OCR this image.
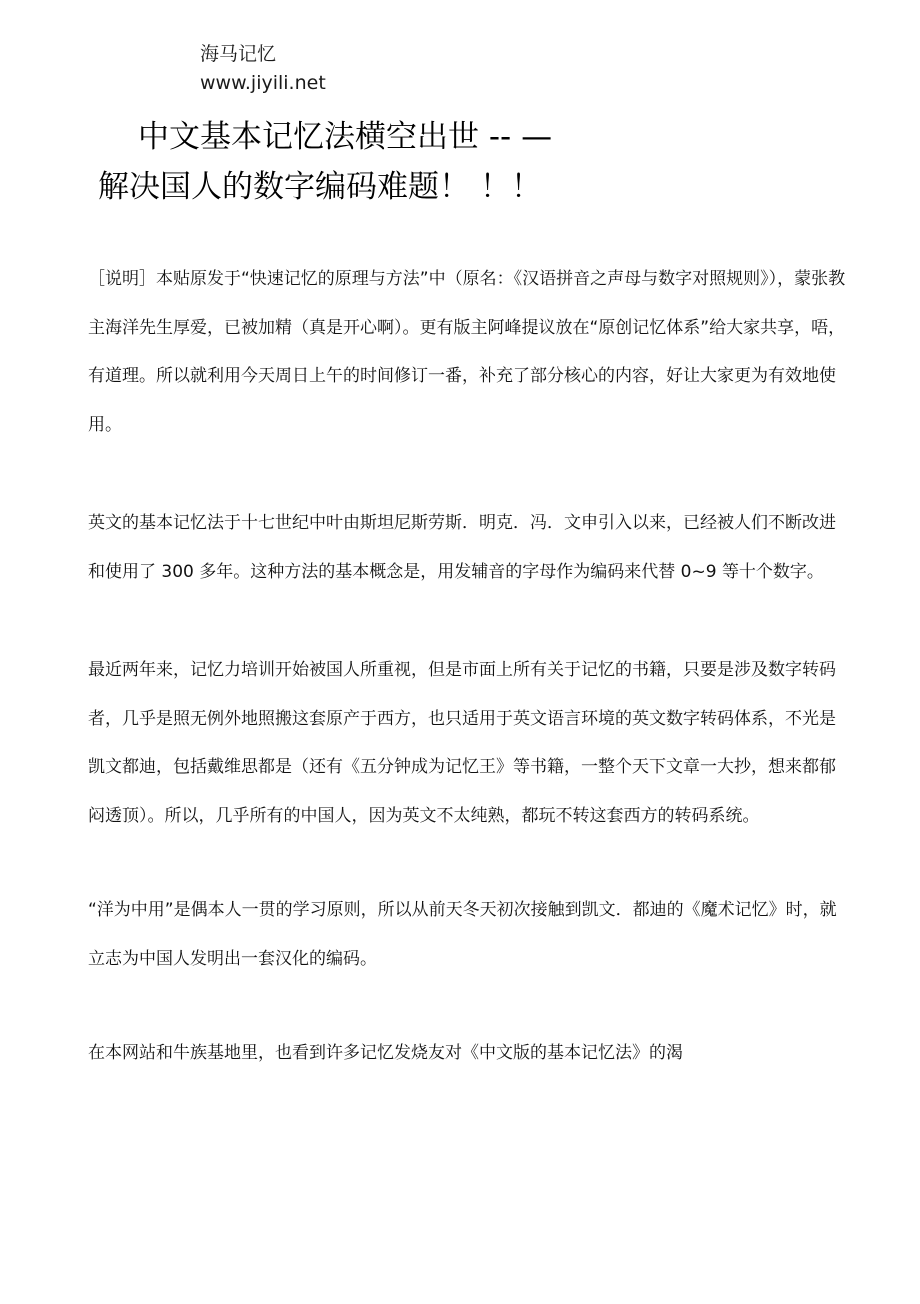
海马记忆 www.jiyili.net
中文基本记忆法横空出世 -- —
解决国人的数字编码难题！ ！！

［说明］本贴原发于“快速记忆的原理与方法”中（原名：《汉语拼音之声母与数字对照规则》），蒙张教主海洋先生厚爱，已被加精（真是开心啊）。更有版主阿峰提议放在“原创记忆体系”给大家共享，唔，有道理。所以就利用今天周日上午的时间修订一番，补充了部分核心的内容，好让大家更为有效地使用。

英文的基本记忆法于十七世纪中叶由斯坦尼斯劳斯．明克．冯．文申引入以来，已经被人们不断改进和使用了 300 多年。这种方法的基本概念是，用发辅音的字母作为编码来代替 0~9 等十个数字。

最近两年来，记忆力培训开始被国人所重视，但是市面上所有关于记忆的书籍，只要是涉及数字转码者，几乎是照无例外地照搬这套原产于西方，也只适用于英文语言环境的英文数字转码体系，不光是凯文都迪，包括戴维思都是（还有《五分钟成为记忆王》等书籍，一整个天下文章一大抄，想来都郁闷透顶）。所以，几乎所有的中国人，因为英文不太纯熟，都玩不转这套西方的转码系统。

“洋为中用”是偶本人一贯的学习原则，所以从前天冬天初次接触到凯文．都迪的《魔术记忆》时，就立志为中国人发明出一套汉化的编码。

在本网站和牛族基地里，也看到许多记忆发烧友对《中文版的基本记忆法》的渴
